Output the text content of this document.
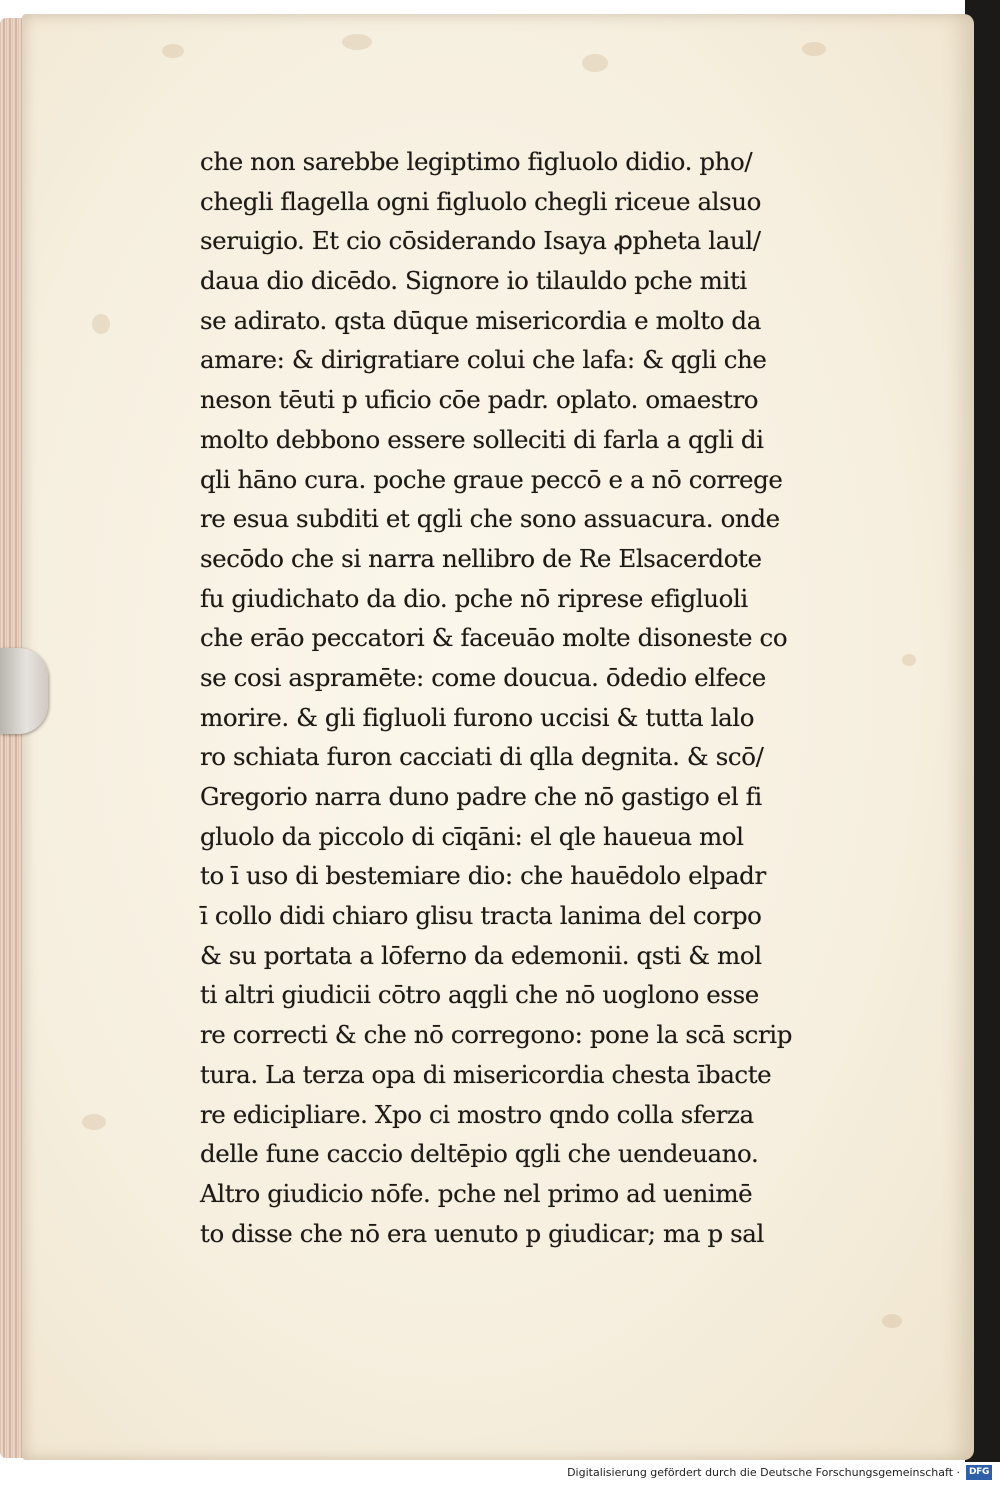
che non sarebbe legiptimo figluolo didio. pho/
chegli flagella ogni figluolo chegli riceue alsuo
seruigio. Et cio cōsiderando Isaya ꝓpheta laul/
daua dio dicēdo. Signore io tilauldo pche miti
se adirato. qsta dūque misericordia e molto da
amare: & dirigratiare colui che lafa: & qgli che
neson tēuti p uficio cōe padr. oplato. omaestro
molto debbono essere solleciti di farla a qgli di
qli hāno cura. poche graue peccō e a nō correge
re esua subditi et qgli che sono assuacura. onde
secōdo che si narra nellibro de Re Elsacerdote
fu giudichato da dio. pche nō riprese efigluoli
che erāo peccatori & faceuāo molte disoneste co
se cosi aspramēte: come doucua. ōdedio elfece
morire. & gli figluoli furono uccisi & tutta lalo
ro schiata furon cacciati di qlla degnita. & scō/
Gregorio narra duno padre che nō gastigo el fi
gluolo da piccolo di cīqāni: el qle haueua mol
to ī uso di bestemiare dio: che hauēdolo elpadr
ī collo didi chiaro glisu tracta lanima del corpo
& su portata a lōferno da edemonii. qsti & mol
ti altri giudicii cōtro aqgli che nō uoglono esse
re correcti & che nō corregono: pone la scā scrip
tura. La terza opa di misericordia chesta ībacte
re edicipliare. Xpo ci mostro qndo colla sferza
delle fune caccio deltēpio qgli che uendeuano.
Altro giudicio nōfe. pche nel primo ad uenimē
to disse che nō era uenuto p giudicar; ma p sal
Digitalisierung gefördert durch die Deutsche Forschungsgemeinschaft · DFG
